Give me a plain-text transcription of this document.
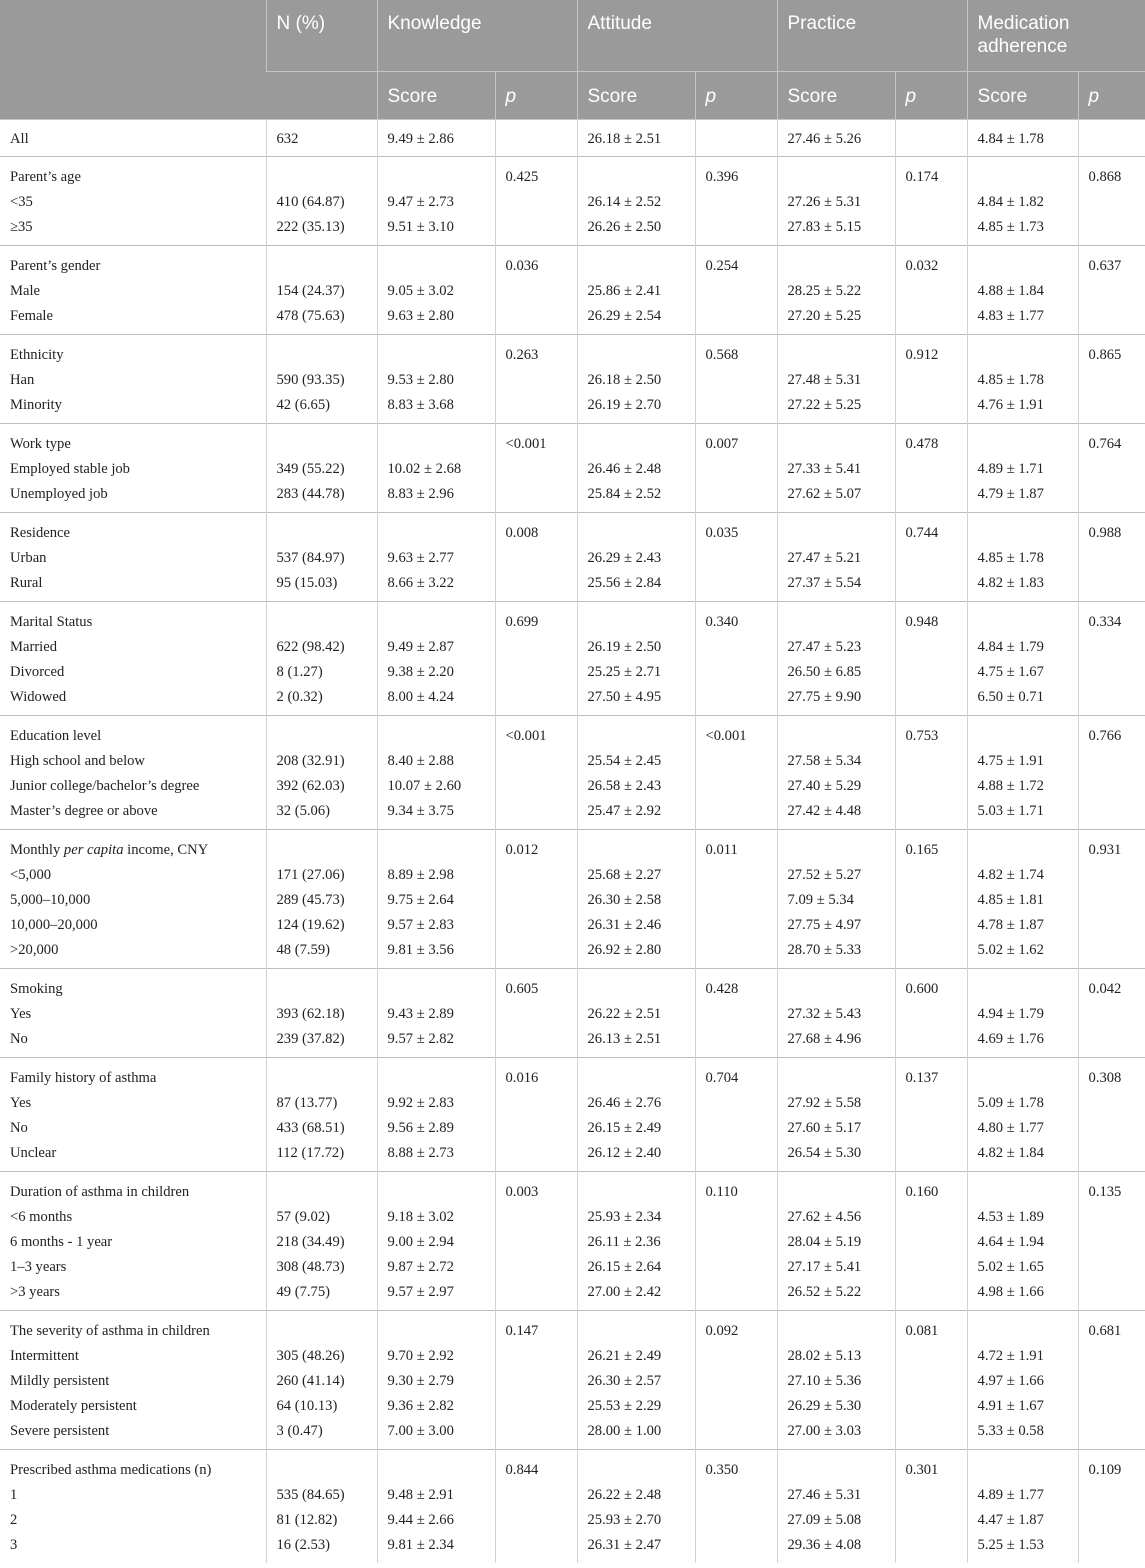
	N (%)	Knowledge		Attitude		Practice		Medication adherence	
		Score	p	Score	p	Score	p	Score	p
All	632	9.49 ± 2.86		26.18 ± 2.51		27.46 ± 5.26		4.84 ± 1.78	
Parent’s age			0.425		0.396		0.174		0.868
<35	410 (64.87)	9.47 ± 2.73		26.14 ± 2.52		27.26 ± 5.31		4.84 ± 1.82	
≥35	222 (35.13)	9.51 ± 3.10		26.26 ± 2.50		27.83 ± 5.15		4.85 ± 1.73	
Parent’s gender			0.036		0.254		0.032		0.637
Male	154 (24.37)	9.05 ± 3.02		25.86 ± 2.41		28.25 ± 5.22		4.88 ± 1.84	
Female	478 (75.63)	9.63 ± 2.80		26.29 ± 2.54		27.20 ± 5.25		4.83 ± 1.77	
Ethnicity			0.263		0.568		0.912		0.865
Han	590 (93.35)	9.53 ± 2.80		26.18 ± 2.50		27.48 ± 5.31		4.85 ± 1.78	
Minority	42 (6.65)	8.83 ± 3.68		26.19 ± 2.70		27.22 ± 5.25		4.76 ± 1.91	
Work type			<0.001		0.007		0.478		0.764
Employed stable job	349 (55.22)	10.02 ± 2.68		26.46 ± 2.48		27.33 ± 5.41		4.89 ± 1.71	
Unemployed job	283 (44.78)	8.83 ± 2.96		25.84 ± 2.52		27.62 ± 5.07		4.79 ± 1.87	
Residence			0.008		0.035		0.744		0.988
Urban	537 (84.97)	9.63 ± 2.77		26.29 ± 2.43		27.47 ± 5.21		4.85 ± 1.78	
Rural	95 (15.03)	8.66 ± 3.22		25.56 ± 2.84		27.37 ± 5.54		4.82 ± 1.83	
Marital Status			0.699		0.340		0.948		0.334
Married	622 (98.42)	9.49 ± 2.87		26.19 ± 2.50		27.47 ± 5.23		4.84 ± 1.79	
Divorced	8 (1.27)	9.38 ± 2.20		25.25 ± 2.71		26.50 ± 6.85		4.75 ± 1.67	
Widowed	2 (0.32)	8.00 ± 4.24		27.50 ± 4.95		27.75 ± 9.90		6.50 ± 0.71	
Education level			<0.001		<0.001		0.753		0.766
High school and below	208 (32.91)	8.40 ± 2.88		25.54 ± 2.45		27.58 ± 5.34		4.75 ± 1.91	
Junior college/bachelor’s degree	392 (62.03)	10.07 ± 2.60		26.58 ± 2.43		27.40 ± 5.29		4.88 ± 1.72	
Master’s degree or above	32 (5.06)	9.34 ± 3.75		25.47 ± 2.92		27.42 ± 4.48		5.03 ± 1.71	
Monthly per capita income, CNY			0.012		0.011		0.165		0.931
<5,000	171 (27.06)	8.89 ± 2.98		25.68 ± 2.27		27.52 ± 5.27		4.82 ± 1.74	
5,000–10,000	289 (45.73)	9.75 ± 2.64		26.30 ± 2.58		7.09 ± 5.34		4.85 ± 1.81	
10,000–20,000	124 (19.62)	9.57 ± 2.83		26.31 ± 2.46		27.75 ± 4.97		4.78 ± 1.87	
>20,000	48 (7.59)	9.81 ± 3.56		26.92 ± 2.80		28.70 ± 5.33		5.02 ± 1.62	
Smoking			0.605		0.428		0.600		0.042
Yes	393 (62.18)	9.43 ± 2.89		26.22 ± 2.51		27.32 ± 5.43		4.94 ± 1.79	
No	239 (37.82)	9.57 ± 2.82		26.13 ± 2.51		27.68 ± 4.96		4.69 ± 1.76	
Family history of asthma			0.016		0.704		0.137		0.308
Yes	87 (13.77)	9.92 ± 2.83		26.46 ± 2.76		27.92 ± 5.58		5.09 ± 1.78	
No	433 (68.51)	9.56 ± 2.89		26.15 ± 2.49		27.60 ± 5.17		4.80 ± 1.77	
Unclear	112 (17.72)	8.88 ± 2.73		26.12 ± 2.40		26.54 ± 5.30		4.82 ± 1.84	
Duration of asthma in children			0.003		0.110		0.160		0.135
<6 months	57 (9.02)	9.18 ± 3.02		25.93 ± 2.34		27.62 ± 4.56		4.53 ± 1.89	
6 months - 1 year	218 (34.49)	9.00 ± 2.94		26.11 ± 2.36		28.04 ± 5.19		4.64 ± 1.94	
1–3 years	308 (48.73)	9.87 ± 2.72		26.15 ± 2.64		27.17 ± 5.41		5.02 ± 1.65	
>3 years	49 (7.75)	9.57 ± 2.97		27.00 ± 2.42		26.52 ± 5.22		4.98 ± 1.66	
The severity of asthma in children			0.147		0.092		0.081		0.681
Intermittent	305 (48.26)	9.70 ± 2.92		26.21 ± 2.49		28.02 ± 5.13		4.72 ± 1.91	
Mildly persistent	260 (41.14)	9.30 ± 2.79		26.30 ± 2.57		27.10 ± 5.36		4.97 ± 1.66	
Moderately persistent	64 (10.13)	9.36 ± 2.82		25.53 ± 2.29		26.29 ± 5.30		4.91 ± 1.67	
Severe persistent	3 (0.47)	7.00 ± 3.00		28.00 ± 1.00		27.00 ± 3.03		5.33 ± 0.58	
Prescribed asthma medications (n)			0.844		0.350		0.301		0.109
1	535 (84.65)	9.48 ± 2.91		26.22 ± 2.48		27.46 ± 5.31		4.89 ± 1.77	
2	81 (12.82)	9.44 ± 2.66		25.93 ± 2.70		27.09 ± 5.08		4.47 ± 1.87	
3	16 (2.53)	9.81 ± 2.34		26.31 ± 2.47		29.36 ± 4.08		5.25 ± 1.53	
